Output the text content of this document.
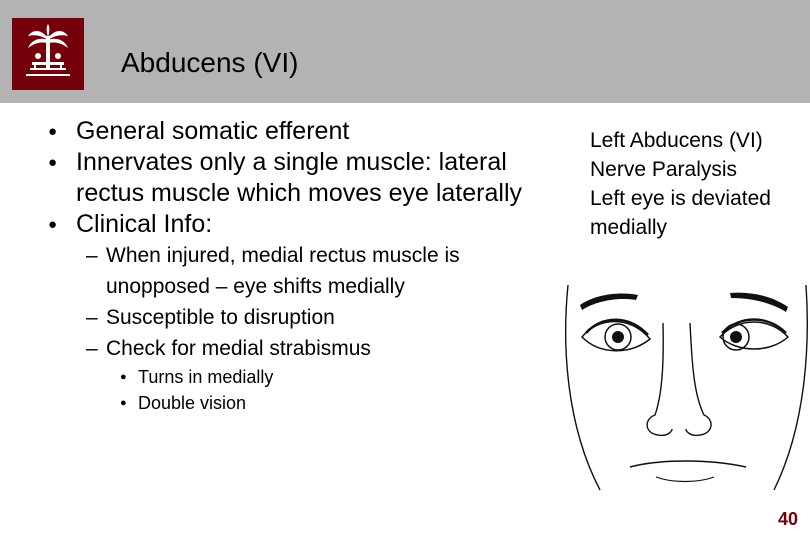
Abducens (VI)
● General somatic efferent
● Innervates only a single muscle: lateral rectus muscle which moves eye laterally
● Clinical Info:
– When injured, medial rectus muscle is unopposed – eye shifts medially
– Susceptible to disruption
– Check for medial strabismus
● Turns in medially
● Double vision
Left Abducens (VI)
Nerve Paralysis
Left eye is deviated
medially
40
